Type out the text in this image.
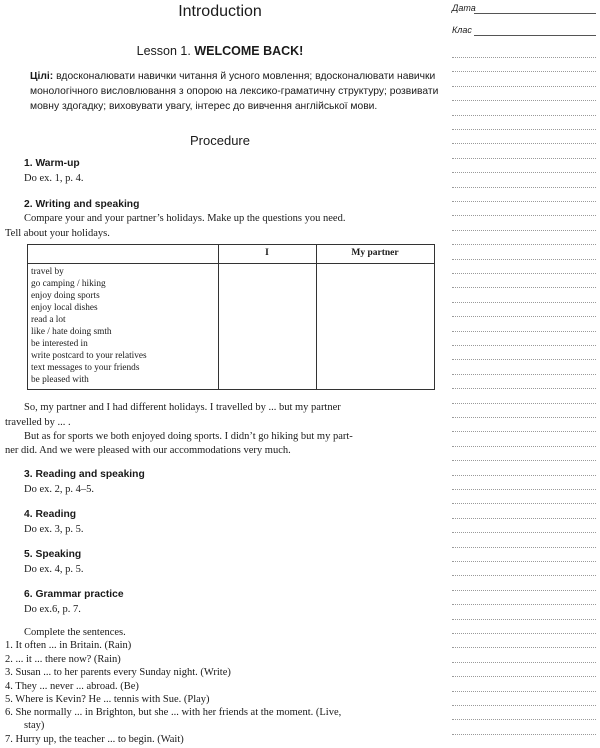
Introduction
Lesson 1. WELCOME BACK!
Цілі: вдосконалювати навички читання й усного мовлення; вдосконалювати навички монологічного висловлювання з опорою на лексико-граматичну структуру; розвивати мовну здогадку; виховувати увагу, інтерес до вивчення англійської мови.
Procedure
1. Warm-up
Do ex. 1, p. 4.
2. Writing and speaking
Compare your and your partner’s holidays. Make up the questions you need.
Tell about your holidays.
I	My partner
travel by
go camping / hiking
enjoy doing sports
enjoy local dishes
read a lot
like / hate doing smth
be interested in
write postcard to your relatives
text messages to your friends
be pleased with
So, my partner and I had different holidays. I travelled by ... but my partner
travelled by ... .
But as for sports we both enjoyed doing sports. I didn’t go hiking but my part-
ner did. And we were pleased with our accommodations very much.
3. Reading and speaking
Do ex. 2, p. 4–5.
4. Reading
Do ex. 3, p. 5.
5. Speaking
Do ex. 4, p. 5.
6. Grammar practice
Do ex.6, p. 7.
Complete the sentences.
1. It often ... in Britain. (Rain)
2. ... it ... there now? (Rain)
3. Susan ... to her parents every Sunday night. (Write)
4. They ... never ... abroad. (Be)
5. Where is Kevin? He ... tennis with Sue. (Play)
6. She normally ... in Brighton, but she ... with her friends at the moment. (Live,
stay)
7. Hurry up, the teacher ... to begin. (Wait)
Дата
Клас
